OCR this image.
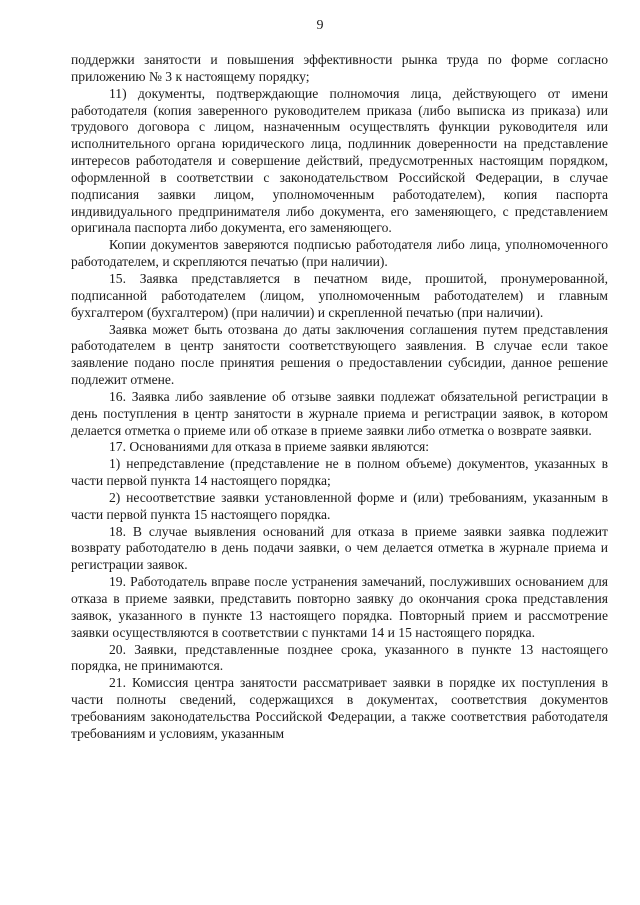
9

поддержки занятости и повышения эффективности рынка труда по форме согласно приложению № 3 к настоящему порядку;

11) документы, подтверждающие полномочия лица, действующего от имени работодателя (копия заверенного руководителем приказа (либо выписка из приказа) или трудового договора с лицом, назначенным осуществлять функции руководителя или исполнительного органа юридического лица, подлинник доверенности на представление интересов работодателя и совершение действий, предусмотренных настоящим порядком, оформленной в соответствии с законодательством Российской Федерации, в случае подписания заявки лицом, уполномоченным работодателем), копия паспорта индивидуального предпринимателя либо документа, его заменяющего, с представлением оригинала паспорта либо документа, его заменяющего.

Копии документов заверяются подписью работодателя либо лица, уполномоченного работодателем, и скрепляются печатью (при наличии).

15. Заявка представляется в печатном виде, прошитой, пронумерованной, подписанной работодателем (лицом, уполномоченным работодателем) и главным бухгалтером (бухгалтером) (при наличии) и скрепленной печатью (при наличии).

Заявка может быть отозвана до даты заключения соглашения путем представления работодателем в центр занятости соответствующего заявления. В случае если такое заявление подано после принятия решения о предоставлении субсидии, данное решение подлежит отмене.

16. Заявка либо заявление об отзыве заявки подлежат обязательной регистрации в день поступления в центр занятости в журнале приема и регистрации заявок, в котором делается отметка о приеме или об отказе в приеме заявки либо отметка о возврате заявки.

17. Основаниями для отказа в приеме заявки являются:

1) непредставление (представление не в полном объеме) документов, указанных в части первой пункта 14 настоящего порядка;

2) несоответствие заявки установленной форме и (или) требованиям, указанным в части первой пункта 15 настоящего порядка.

18. В случае выявления оснований для отказа в приеме заявки заявка подлежит возврату работодателю в день подачи заявки, о чем делается отметка в журнале приема и регистрации заявок.

19. Работодатель вправе после устранения замечаний, послуживших основанием для отказа в приеме заявки, представить повторно заявку до окончания срока представления заявок, указанного в пункте 13 настоящего порядка. Повторный прием и рассмотрение заявки осуществляются в соответствии с пунктами 14 и 15 настоящего порядка.

20. Заявки, представленные позднее срока, указанного в пункте 13 настоящего порядка, не принимаются.

21. Комиссия центра занятости рассматривает заявки в порядке их поступления в части полноты сведений, содержащихся в документах, соответствия документов требованиям законодательства Российской Федерации, а также соответствия работодателя требованиям и условиям, указанным
